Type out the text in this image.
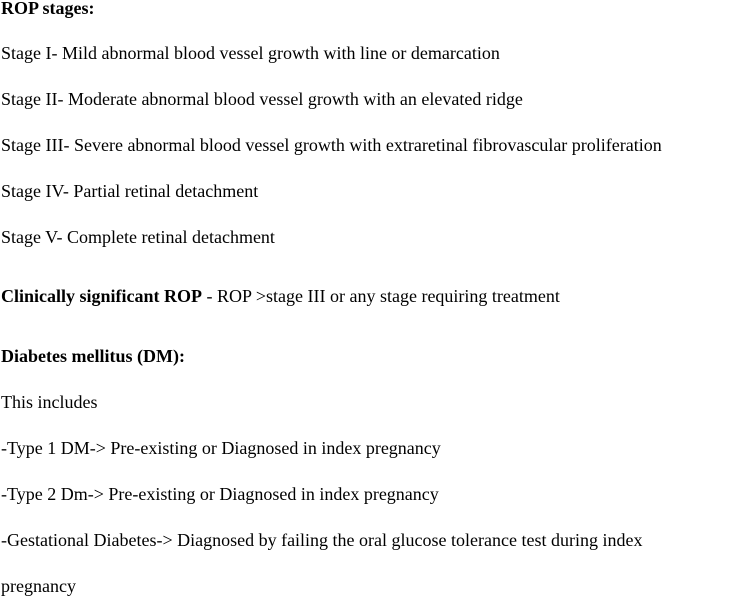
ROP stages:
Stage I- Mild abnormal blood vessel growth with line or demarcation
Stage II- Moderate abnormal blood vessel growth with an elevated ridge
Stage III- Severe abnormal blood vessel growth with extraretinal fibrovascular proliferation
Stage IV- Partial retinal detachment
Stage V- Complete retinal detachment
Clinically significant ROP - ROP >stage III or any stage requiring treatment
Diabetes mellitus (DM):
This includes
-Type 1 DM-> Pre-existing or Diagnosed in index pregnancy
-Type 2 Dm-> Pre-existing or Diagnosed in index pregnancy
-Gestational Diabetes-> Diagnosed by failing the oral glucose tolerance test during index
pregnancy
